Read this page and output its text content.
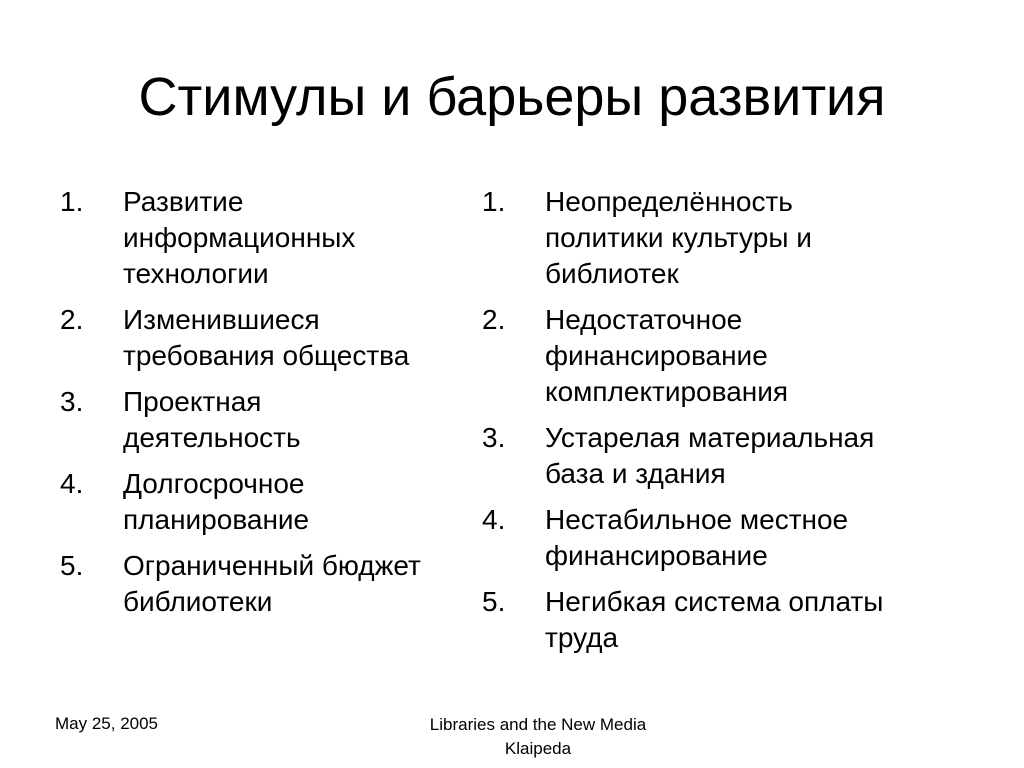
Стимулы и барьеры развития
1. Развитие
информационных
технологии
2. Изменившиеся
требования общества
3. Проектная
деятельность
4. Долгосрочное
планирование
5. Ограниченный бюджет
библиотеки
1. Неопределённость
политики культуры и
библиотек
2. Недостаточное
финансирование
комплектирования
3. Устарелая материальная
база и здания
4. Нестабильное местное
финансирование
5. Негибкая система оплаты
труда
May 25, 2005	Libraries and the New Media
Klaipeda
